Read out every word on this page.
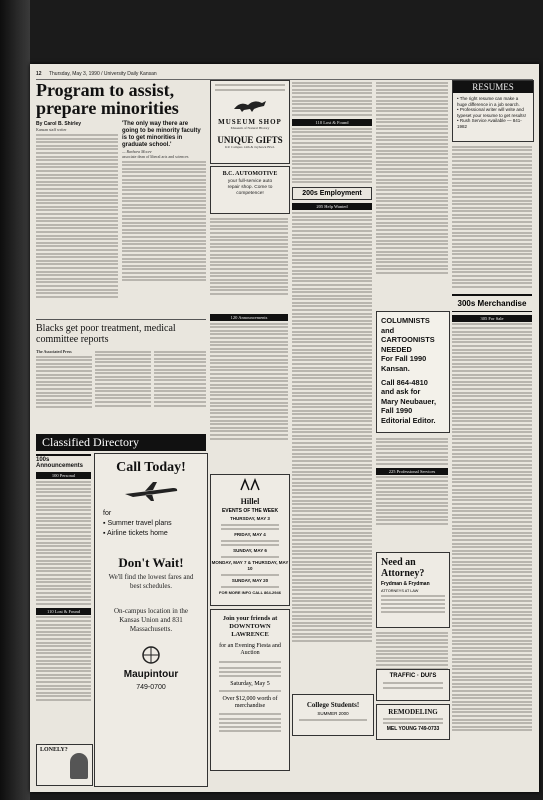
12 Thursday, May 3, 1990 / University Daily Kansan
Program to assist, prepare minorities
By Carol B. Shirley
Kansan staff writer
'The only way there are going to be minority faculty is to get minorities in graduate school.'
— Barbara Moore
associate dean of liberal arts and sciences
MUSEUM SHOP
Museum of Natural History
UNIQUE GIFTS
KU Campus 14th & Jayhawk Blvd.
B.C. AUTOMOTIVE
your full-service auto
repair shop. Come to
competence!
Blacks get poor treatment, medical committee reports
The Associated Press
Classified Directory
100s Announcements
100 Personal
110 Lost & Found
LONELY?
Call Today!
for
▪ Summer travel plans
▪ Airline tickets home
Don't Wait!
We'll find the lowest fares and best schedules.
On-campus location in the Kansas Union and 831 Massachusetts.
Maupintour
749-0700
120 Announcements
Hillel
EVENTS OF THE WEEK
THURSDAY, MAY 3
FRIDAY, MAY 4
SUNDAY, MAY 6
MONDAY, MAY 7 & THURSDAY, MAY 10
SUNDAY, MAY 20
FOR MORE INFO CALL 864-2946
Join your friends at DOWNTOWN LAWRENCE
for an Evening Fiesta and Auction
Saturday, May 5
Over $12,000 worth of merchandise
110 Lost & Found
200s Employment
205 Help Wanted
COLUMNISTS and
CARTOONISTS NEEDED
For Fall 1990
Kansan.
Call 864-4810
and ask for
Mary Neubauer,
Fall 1990
Editorial Editor.
225 Professional Services
Need an Attorney?
Frydman & Frydman
ATTORNEYS AT LAW
College Students!
SUMMER 2000
TRAFFIC · DUI'S
REMODELING
MEL YOUNG 749-0733
RESUMES
• The right resume can make a huge difference in a job search.
• Professional writer will write and typeset your resume to get results!
• Rush Service Available — 841-1982
300s Merchandise
305 For Sale
